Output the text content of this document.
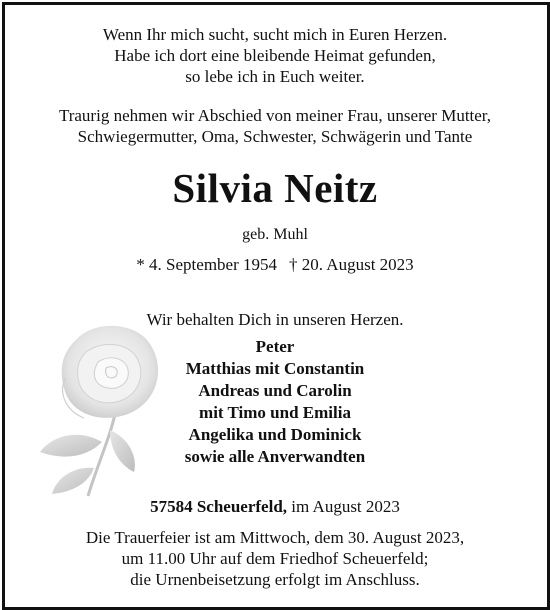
Wenn Ihr mich sucht, sucht mich in Euren Herzen.
Habe ich dort eine bleibende Heimat gefunden,
so lebe ich in Euch weiter.
Traurig nehmen wir Abschied von meiner Frau, unserer Mutter,
Schwiegermutter, Oma, Schwester, Schwägerin und Tante
Silvia Neitz
geb. Muhl
* 4. September 1954 † 20. August 2023
Wir behalten Dich in unseren Herzen.
Peter
Matthias mit Constantin
Andreas und Carolin
mit Timo und Emilia
Angelika und Dominick
sowie alle Anverwandten
57584 Scheuerfeld, im August 2023
Die Trauerfeier ist am Mittwoch, dem 30. August 2023,
um 11.00 Uhr auf dem Friedhof Scheuerfeld;
die Urnenbeisetzung erfolgt im Anschluss.
